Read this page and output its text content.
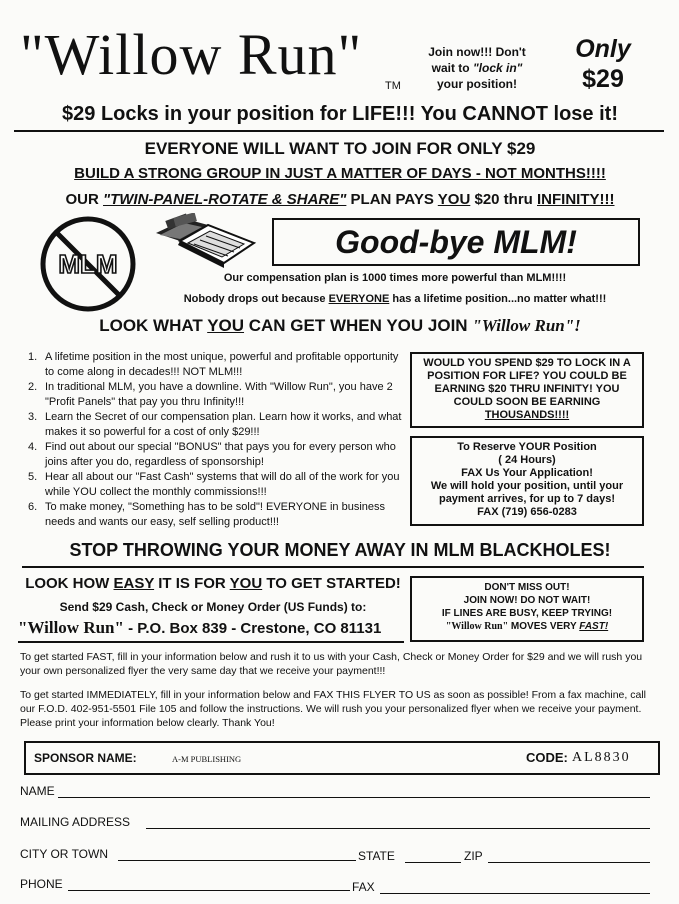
"Willow Run" TM
Join now!!! Don't
wait to "lock in"
your position!
Only
$29
$29 Locks in your position for LIFE!!! You CANNOT lose it!
EVERYONE WILL WANT TO JOIN FOR ONLY $29
BUILD A STRONG GROUP IN JUST A MATTER OF DAYS - NOT MONTHS!!!!
OUR "TWIN-PANEL-ROTATE & SHARE" PLAN PAYS YOU $20 thru INFINITY!!!
MLM
Good-bye MLM!
Our compensation plan is 1000 times more powerful than MLM!!!!
Nobody drops out because EVERYONE has a lifetime position...no matter what!!!
LOOK WHAT YOU CAN GET WHEN YOU JOIN "Willow Run"!
1. A lifetime position in the most unique, powerful and profitable opportunity to come along in decades!!! NOT MLM!!!
2. In traditional MLM, you have a downline. With "Willow Run", you have 2 "Profit Panels" that pay you thru Infinity!!!
3. Learn the Secret of our compensation plan. Learn how it works, and what makes it so powerful for a cost of only $29!!!
4. Find out about our special "BONUS" that pays you for every person who joins after you do, regardless of sponsorship!
5. Hear all about our "Fast Cash" systems that will do all of the work for you while YOU collect the monthly commissions!!!
6. To make money, "Something has to be sold"! EVERYONE in business needs and wants our easy, self selling product!!!
WOULD YOU SPEND $29 TO LOCK IN A
POSITION FOR LIFE? YOU COULD BE
EARNING $20 THRU INFINITY! YOU
COULD SOON BE EARNING
THOUSANDS!!!!
To Reserve YOUR Position
( 24 Hours)
FAX Us Your Application!
We will hold your position, until your
payment arrives, for up to 7 days!
FAX (719) 656-0283
STOP THROWING YOUR MONEY AWAY IN MLM BLACKHOLES!
LOOK HOW EASY IT IS FOR YOU TO GET STARTED!
Send $29 Cash, Check or Money Order (US Funds) to:
"Willow Run" - P.O. Box 839 - Crestone, CO 81131
DON'T MISS OUT!
JOIN NOW! DO NOT WAIT!
IF LINES ARE BUSY, KEEP TRYING!
"Willow Run" MOVES VERY FAST!
To get started FAST, fill in your information below and rush it to us with your Cash, Check or Money Order for $29 and we will rush you your own personalized flyer the very same day that we receive your payment!!!
To get started IMMEDIATELY, fill in your information below and FAX THIS FLYER TO US as soon as possible! From a fax machine, call our F.O.D. 402-951-5501 File 105 and follow the instructions. We will rush you your personalized flyer when we receive your payment. Please print your information below clearly. Thank You!
SPONSOR NAME:	A-M PUBLISHING	CODE: AL8830
NAME
MAILING ADDRESS
CITY OR TOWN	STATE	ZIP
PHONE	FAX
